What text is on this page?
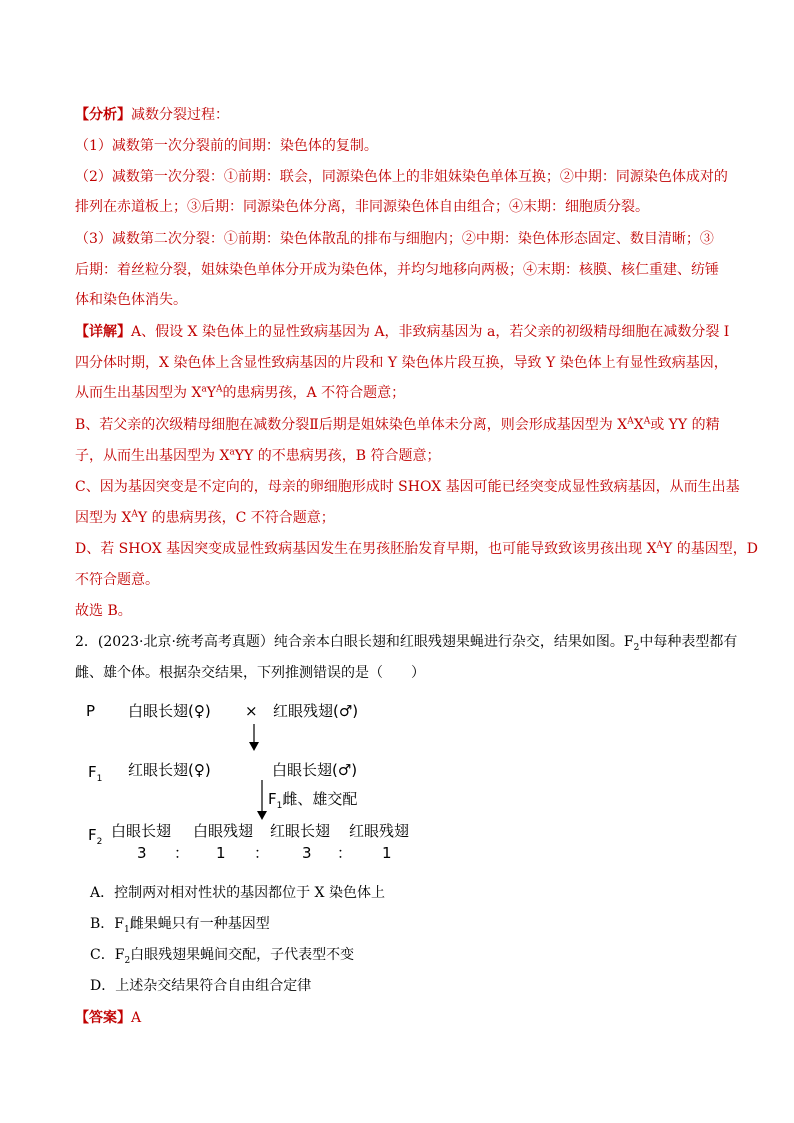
【分析】减数分裂过程：
（1）减数第一次分裂前的间期：染色体的复制。
（2）减数第一次分裂：①前期：联会，同源染色体上的非姐妹染色单体互换；②中期：同源染色体成对的
排列在赤道板上；③后期：同源染色体分离，非同源染色体自由组合；④末期：细胞质分裂。
（3）减数第二次分裂：①前期：染色体散乱的排布与细胞内；②中期：染色体形态固定、数目清晰；③
后期：着丝粒分裂，姐妹染色单体分开成为染色体，并均匀地移向两极；④末期：核膜、核仁重建、纺锤
体和染色体消失。
【详解】A、假设 X 染色体上的显性致病基因为 A，非致病基因为 a，若父亲的初级精母细胞在减数分裂 I
四分体时期，X 染色体上含显性致病基因的片段和 Y 染色体片段互换，导致 Y 染色体上有显性致病基因，
从而生出基因型为 $X^aY^A$的患病男孩，A 不符合题意；
B、若父亲的次级精母细胞在减数分裂Ⅱ后期是姐妹染色单体未分离，则会形成基因型为 $X^AX^A$或 YY 的精
子，从而生出基因型为 $X^aYY$ 的不患病男孩，B 符合题意；
C、因为基因突变是不定向的，母亲的卵细胞形成时 SHOX 基因可能已经突变成显性致病基因，从而生出基
因型为 $X^AY$ 的患病男孩，C 不符合题意；
D、若 SHOX 基因突变成显性致病基因发生在男孩胚胎发育早期，也可能导致致该男孩出现 $X^AY$ 的基因型，D
不符合题意。
故选 B。
2．(2023·北京·统考高考真题）纯合亲本白眼长翅和红眼残翅果蝇进行杂交，结果如图。$F_2$中每种表型都有
雌、雄个体。根据杂交结果，下列推测错误的是（　　）
P 白眼长翅(♀) × 红眼残翅(♂)
$F_1$ 红眼长翅(♀)	白眼长翅(♂)
$F_1$雌、雄交配
$F_2$
白眼长翅 白眼残翅 红眼长翅 红眼残翅
3 ： 1 ： 3 ： 1
A．控制两对相对性状的基因都位于 X 染色体上
B．$F_1$雌果蝇只有一种基因型
C．$F_2$白眼残翅果蝇间交配，子代表型不变
D．上述杂交结果符合自由组合定律
【答案】A
